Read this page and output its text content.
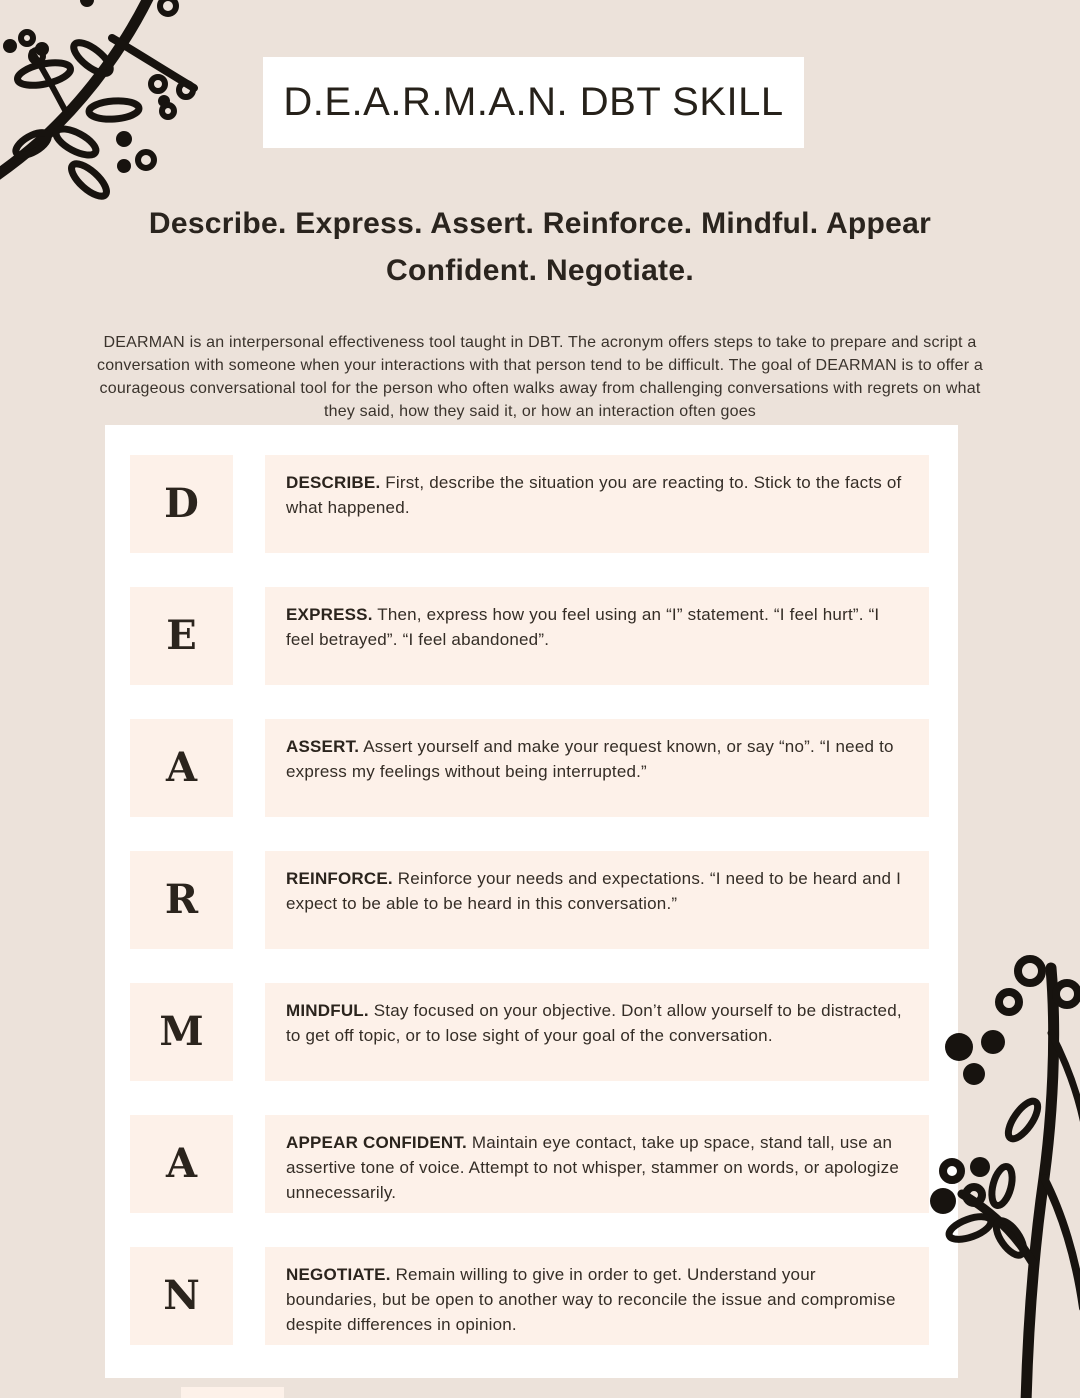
D.E.A.R.M.A.N. DBT SKILL
Describe. Express. Assert. Reinforce. Mindful. Appear Confident. Negotiate.

DEARMAN is an interpersonal effectiveness tool taught in DBT. The acronym offers steps to take to prepare and script a conversation with someone when your interactions with that person tend to be difficult. The goal of DEARMAN is to offer a courageous conversational tool for the person who often walks away from challenging conversations with regrets on what they said, how they said it, or how an interaction often goes

D	DESCRIBE. First, describe the situation you are reacting to. Stick to the facts of what happened.
E	EXPRESS. Then, express how you feel using an “I” statement. “I feel hurt”. “I feel betrayed”. “I feel abandoned”.
A	ASSERT. Assert yourself and make your request known, or say “no”. “I need to express my feelings without being interrupted.”
R	REINFORCE. Reinforce your needs and expectations. “I need to be heard and I expect to be able to be heard in this conversation.”
M	MINDFUL. Stay focused on your objective. Don’t allow yourself to be distracted, to get off topic, or to lose sight of your goal of the conversation.
A	APPEAR CONFIDENT. Maintain eye contact, take up space, stand tall, use an assertive tone of voice. Attempt to not whisper, stammer on words, or apologize unnecessarily.
N	NEGOTIATE. Remain willing to give in order to get. Understand your boundaries, but be open to another way to reconcile the issue and compromise despite differences in opinion.
